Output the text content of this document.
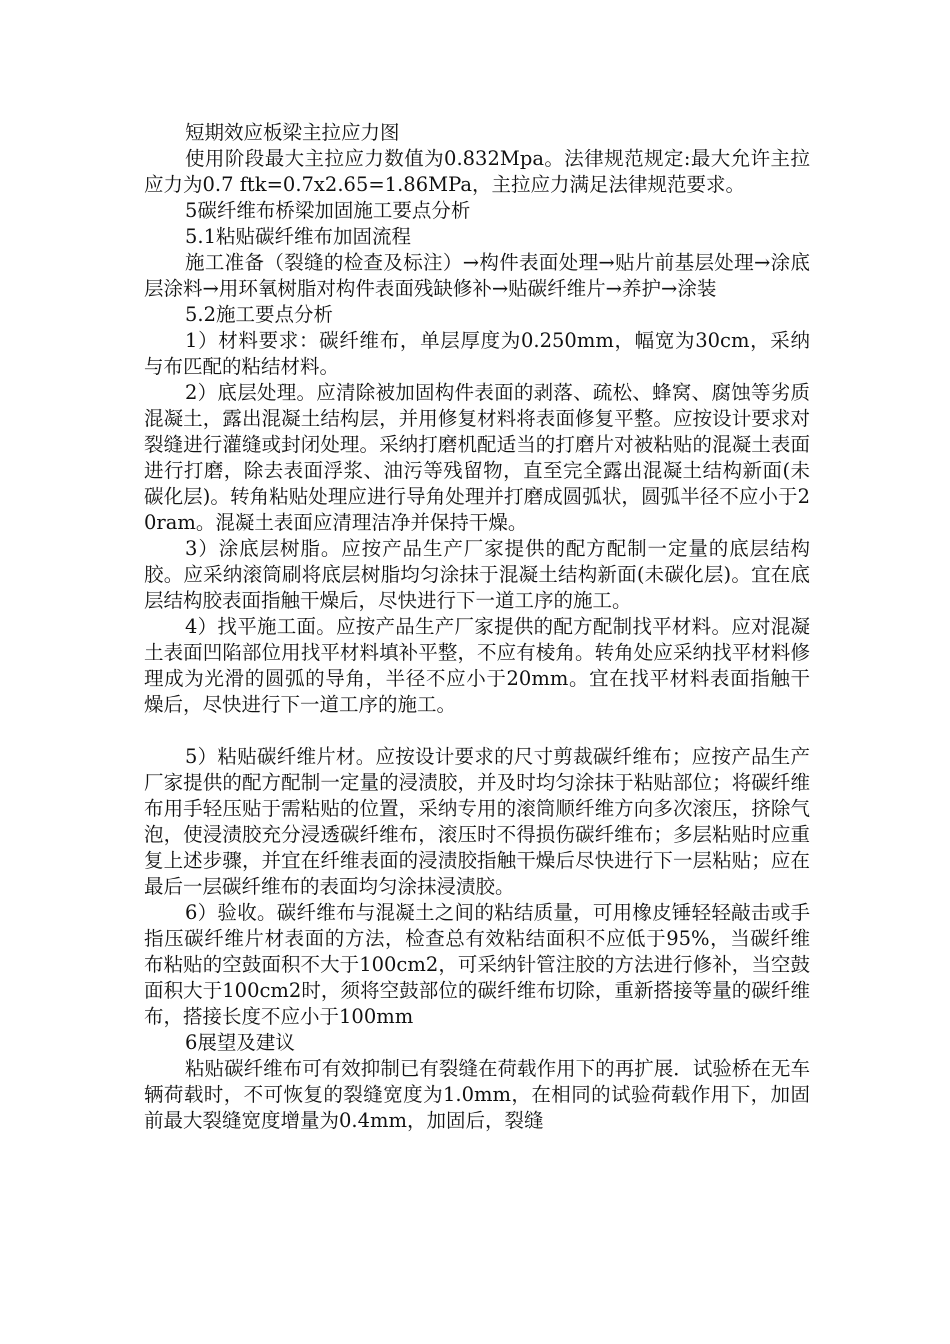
短期效应板梁主拉应力图

使用阶段最大主拉应力数值为0.832Mpa。法律规范规定:最大允许主拉应力为0.7 ftk=0.7x2.65=1.86MPa，主拉应力满足法律规范要求。

5碳纤维布桥梁加固施工要点分析

5.1粘贴碳纤维布加固流程

施工准备（裂缝的检查及标注）→构件表面处理→贴片前基层处理→涂底层涂料→用环氧树脂对构件表面残缺修补→贴碳纤维片→养护→涂装

5.2施工要点分析

1）材料要求：碳纤维布，单层厚度为0.250mm，幅宽为30cm，采纳与布匹配的粘结材料。

2）底层处理。应清除被加固构件表面的剥落、疏松、蜂窝、腐蚀等劣质混凝土，露出混凝土结构层，并用修复材料将表面修复平整。应按设计要求对裂缝进行灌缝或封闭处理。采纳打磨机配适当的打磨片对被粘贴的混凝土表面进行打磨，除去表面浮浆、油污等残留物，直至完全露出混凝土结构新面(未碳化层)。转角粘贴处理应进行导角处理并打磨成圆弧状，圆弧半径不应小于20ram。混凝土表面应清理洁净并保持干燥。

3）涂底层树脂。应按产品生产厂家提供的配方配制一定量的底层结构胶。应采纳滚筒刷将底层树脂均匀涂抹于混凝土结构新面(未碳化层)。宜在底层结构胶表面指触干燥后，尽快进行下一道工序的施工。

4）找平施工面。应按产品生产厂家提供的配方配制找平材料。应对混凝土表面凹陷部位用找平材料填补平整，不应有棱角。转角处应采纳找平材料修理成为光滑的圆弧的导角，半径不应小于20mm。宜在找平材料表面指触干燥后，尽快进行下一道工序的施工。

5）粘贴碳纤维片材。应按设计要求的尺寸剪裁碳纤维布；应按产品生产厂家提供的配方配制一定量的浸渍胶，并及时均匀涂抹于粘贴部位；将碳纤维布用手轻压贴于需粘贴的位置，采纳专用的滚筒顺纤维方向多次滚压，挤除气泡，使浸渍胶充分浸透碳纤维布，滚压时不得损伤碳纤维布；多层粘贴时应重复上述步骤，并宜在纤维表面的浸渍胶指触干燥后尽快进行下一层粘贴；应在最后一层碳纤维布的表面均匀涂抹浸渍胶。

6）验收。碳纤维布与混凝土之间的粘结质量，可用橡皮锤轻轻敲击或手指压碳纤维片材表面的方法，检查总有效粘结面积不应低于95%，当碳纤维布粘贴的空鼓面积不大于100cm2，可采纳针管注胶的方法进行修补，当空鼓面积大于100cm2时，须将空鼓部位的碳纤维布切除，重新搭接等量的碳纤维布，搭接长度不应小于100mm

6展望及建议

粘贴碳纤维布可有效抑制已有裂缝在荷载作用下的再扩展．试验桥在无车辆荷载时，不可恢复的裂缝宽度为1.0mm，在相同的试验荷载作用下，加固前最大裂缝宽度增量为0.4mm，加固后，裂缝
